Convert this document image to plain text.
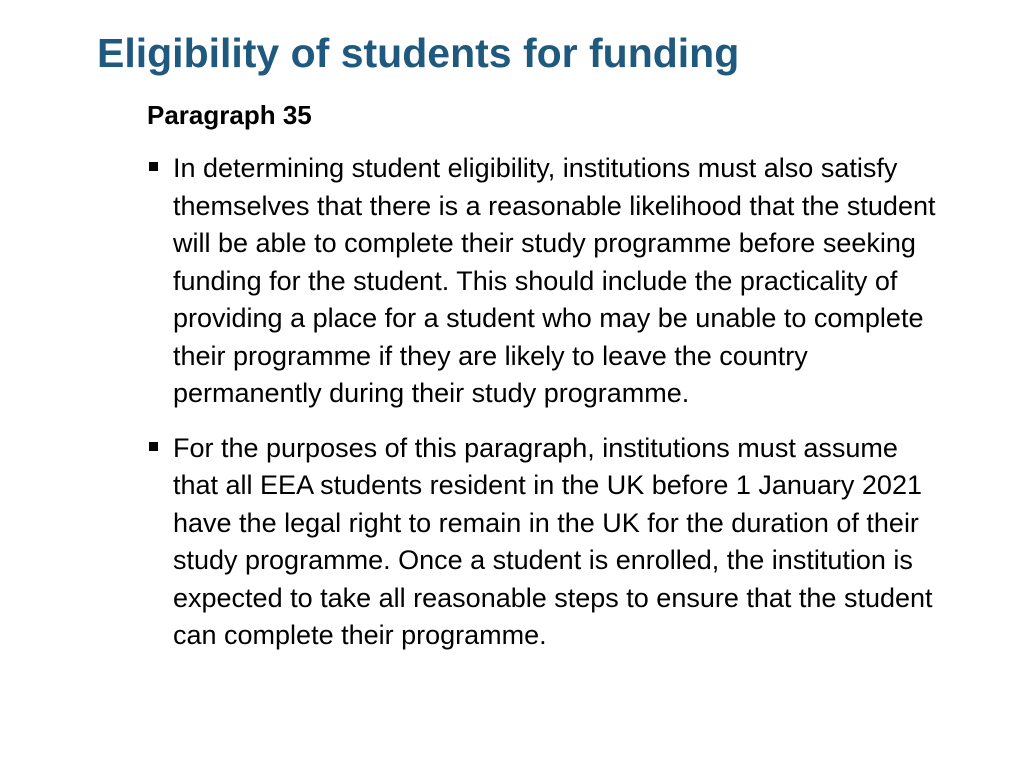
Eligibility of students for funding
Paragraph 35
In determining student eligibility, institutions must also satisfy themselves that there is a reasonable likelihood that the student will be able to complete their study programme before seeking funding for the student. This should include the practicality of providing a place for a student who may be unable to complete their programme if they are likely to leave the country permanently during their study programme.
For the purposes of this paragraph, institutions must assume that all EEA students resident in the UK before 1 January 2021 have the legal right to remain in the UK for the duration of their study programme. Once a student is enrolled, the institution is expected to take all reasonable steps to ensure that the student can complete their programme.
